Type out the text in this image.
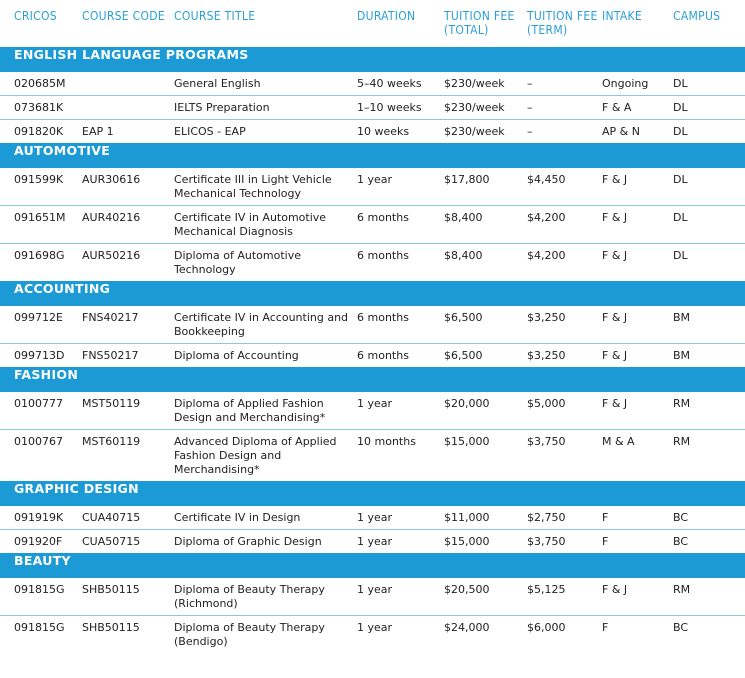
CRICOS	COURSE CODE	COURSE TITLE	DURATION	TUITION FEE (TOTAL)	TUITION FEE (TERM)	INTAKE	CAMPUS
ENGLISH LANGUAGE PROGRAMS							
020685M		General English	5–40 weeks	$230/week	–	Ongoing	DL
073681K		IELTS Preparation	1–10 weeks	$230/week	–	F & A	DL
091820K	EAP 1	ELICOS - EAP	10 weeks	$230/week	–	AP & N	DL
AUTOMOTIVE							
091599K	AUR30616	Certificate III in Light Vehicle Mechanical Technology	1 year	$17,800	$4,450	F & J	DL
091651M	AUR40216	Certificate IV in Automotive Mechanical Diagnosis	6 months	$8,400	$4,200	F & J	DL
091698G	AUR50216	Diploma of Automotive Technology	6 months	$8,400	$4,200	F & J	DL
ACCOUNTING							
099712E	FNS40217	Certificate IV in Accounting and Bookkeeping	6 months	$6,500	$3,250	F & J	BM
099713D	FNS50217	Diploma of Accounting	6 months	$6,500	$3,250	F & J	BM
FASHION							
0100777	MST50119	Diploma of Applied Fashion Design and Merchandising*	1 year	$20,000	$5,000	F & J	RM
0100767	MST60119	Advanced Diploma of Applied Fashion Design and Merchandising*	10 months	$15,000	$3,750	M & A	RM
GRAPHIC DESIGN							
091919K	CUA40715	Certificate IV in Design	1 year	$11,000	$2,750	F	BC
091920F	CUA50715	Diploma of Graphic Design	1 year	$15,000	$3,750	F	BC
BEAUTY							
091815G	SHB50115	Diploma of Beauty Therapy (Richmond)	1 year	$20,500	$5,125	F & J	RM
091815G	SHB50115	Diploma of Beauty Therapy (Bendigo)	1 year	$24,000	$6,000	F	BC
